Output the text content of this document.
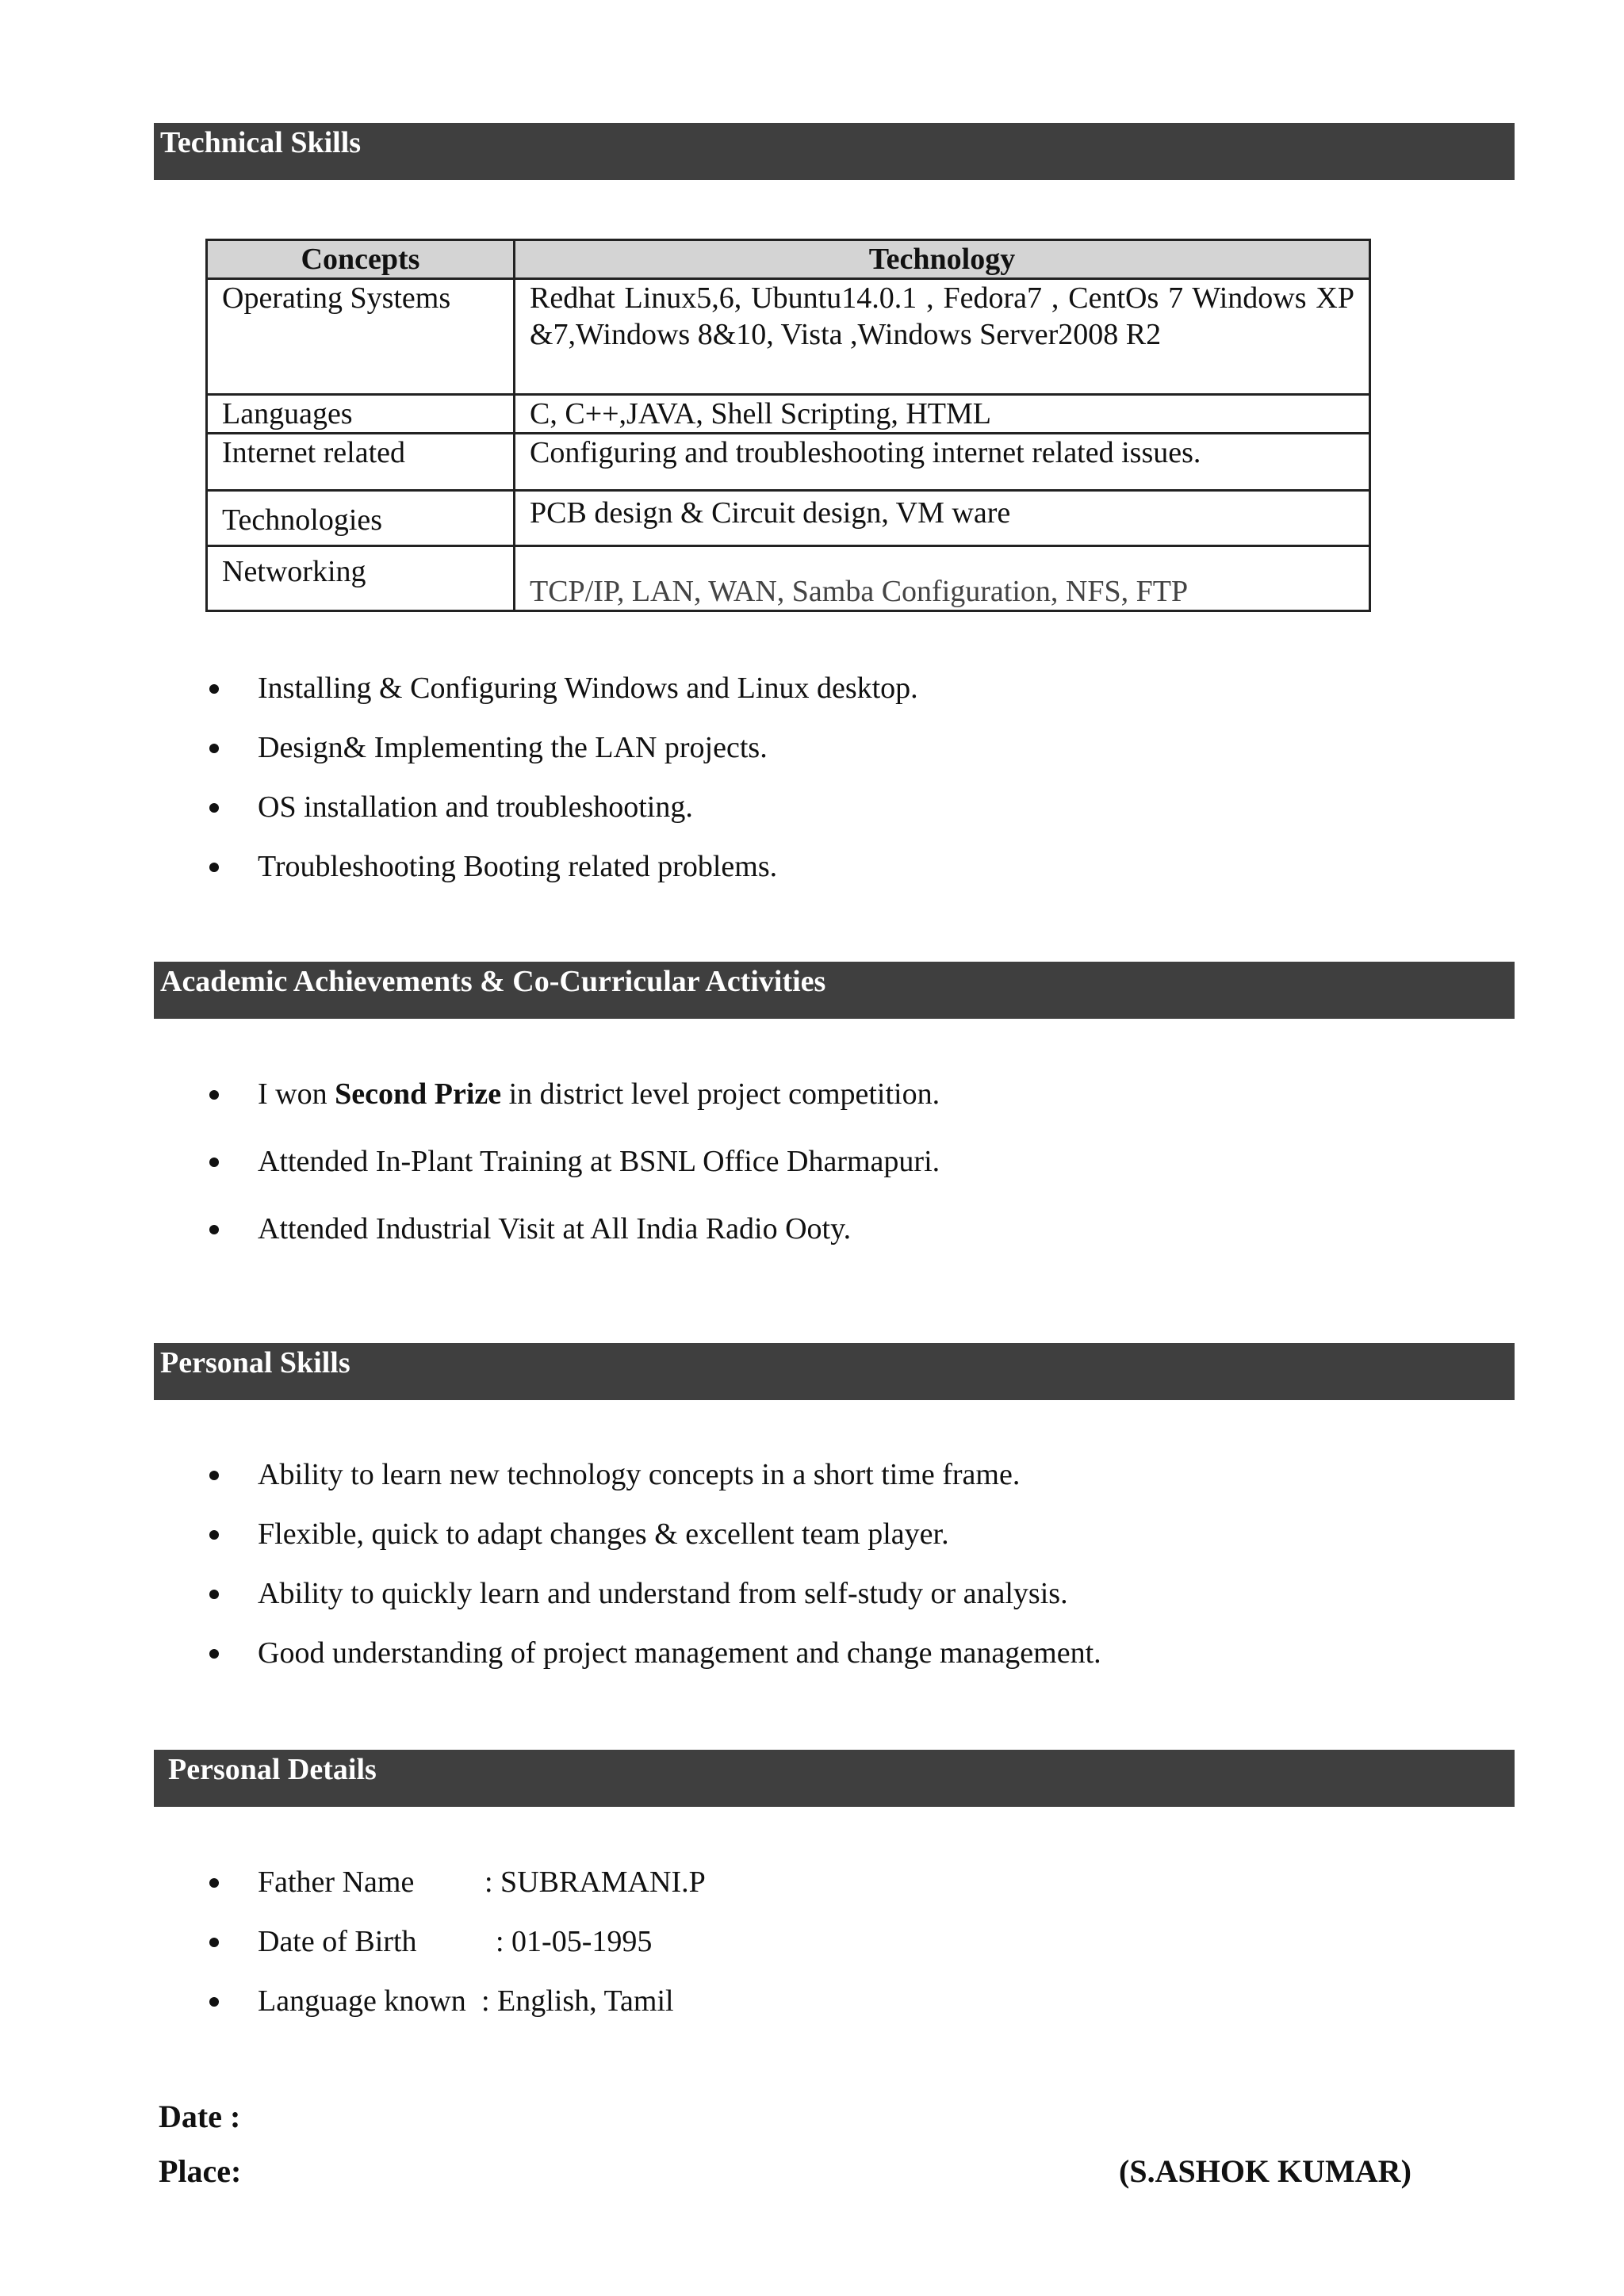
Technical Skills
Concepts	Technology
Operating Systems	Redhat Linux5,6, Ubuntu14.0.1 , Fedora7 , CentOs 7 Windows XP &7,Windows 8&10, Vista ,Windows Server2008 R2
Languages	C, C++,JAVA, Shell Scripting, HTML
Internet related	Configuring and troubleshooting internet related issues.
Technologies	PCB design & Circuit design, VM ware
Networking	TCP/IP, LAN, WAN, Samba Configuration, NFS, FTP
Installing & Configuring Windows and Linux desktop.
Design& Implementing the LAN projects.
OS installation and troubleshooting.
Troubleshooting Booting related problems.
Academic Achievements & Co-Curricular Activities
I won Second Prize in district level project competition.
Attended In-Plant Training at BSNL Office Dharmapuri.
Attended Industrial Visit at All India Radio Ooty.
Personal Skills
Ability to learn new technology concepts in a short time frame.
Flexible, quick to adapt changes & excellent team player.
Ability to quickly learn and understand from self-study or analysis.
Good understanding of project management and change management.
Personal Details
Father Name : SUBRAMANI.P
Date of Birth	: 01-05-1995
Language known : English, Tamil
Date :
Place:	(S.ASHOK KUMAR)
